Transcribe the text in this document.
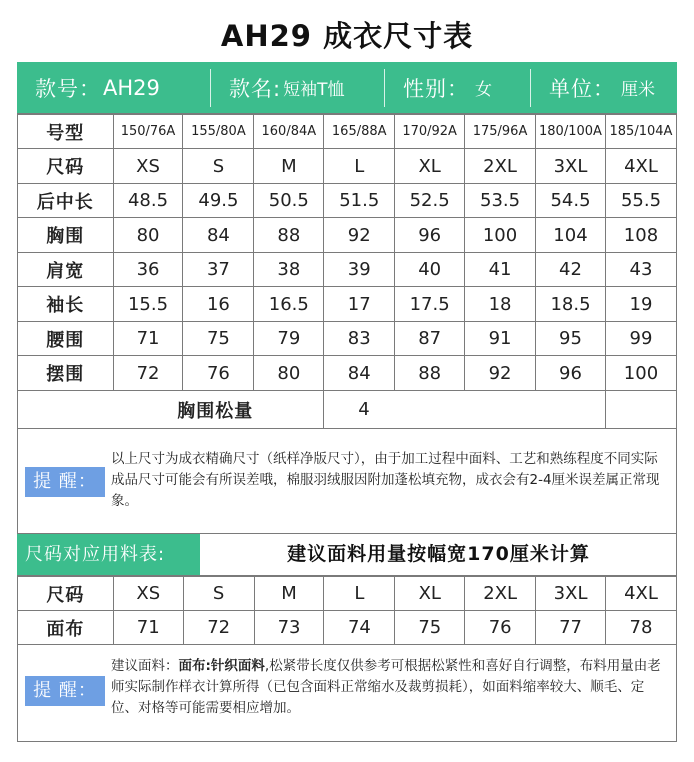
AH29 成衣尺寸表
款号： AH29	款名: 短袖T恤	性别： 女	单位： 厘米
号型	150/76A	155/80A	160/84A	165/88A	170/92A	175/96A	180/100A	185/104A
尺码	XS	S	M	L	XL	2XL	3XL	4XL
后中长	48.5	49.5	50.5	51.5	52.5	53.5	54.5	55.5
胸围	80	84	88	92	96	100	104	108
肩宽	36	37	38	39	40	41	42	43
袖长	15.5	16	16.5	17	17.5	18	18.5	19
腰围	71	75	79	83	87	91	95	99
摆围	72	76	80	84	88	92	96	100
胸围松量				4				
提 醒：
以上尺寸为成衣精确尺寸（纸样净版尺寸），由于加工过程中面料、工艺和熟练程度不同实际成品尺寸可能会有所误差哦，棉服羽绒服因附加蓬松填充物，成衣会有2-4厘米误差属正常现象。
尺码对应用料表:	建议面料用量按幅宽170厘米计算
尺码	XS	S	M	L	XL	2XL	3XL	4XL
面布	71	72	73	74	75	76	77	78
提 醒：
建议面料：面布:针织面料,松紧带长度仅供参考可根据松紧性和喜好自行调整，布料用量由老师实际制作样衣计算所得（已包含面料正常缩水及裁剪损耗），如面料缩率较大、顺毛、定位、对格等可能需要相应增加。
